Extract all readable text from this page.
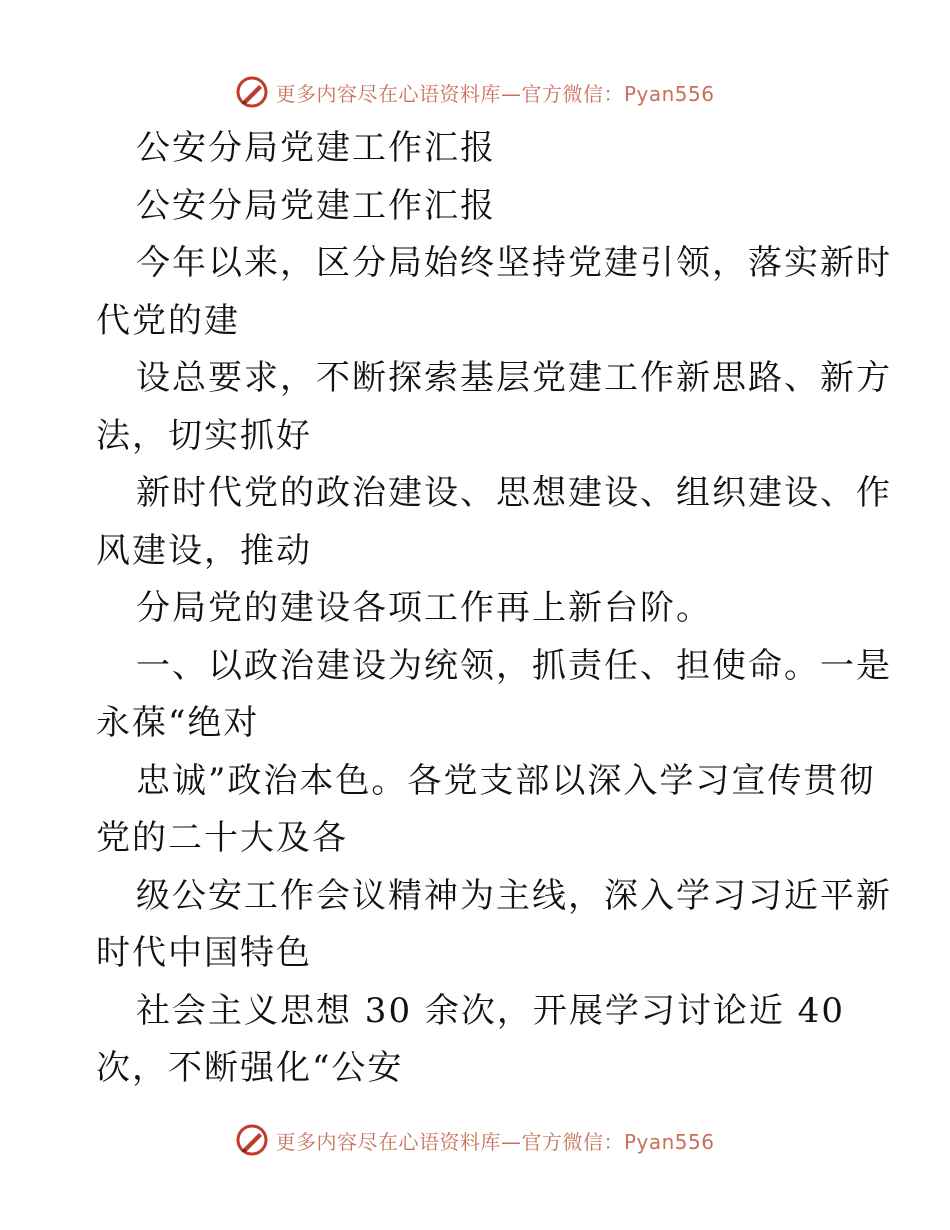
更多内容尽在心语资料库—官方微信：Pyan556
公安分局党建工作汇报
公安分局党建工作汇报
今年以来，区分局始终坚持党建引领，落实新时
代党的建
设总要求，不断探索基层党建工作新思路、新方
法，切实抓好
新时代党的政治建设、思想建设、组织建设、作
风建设，推动
分局党的建设各项工作再上新台阶。
一、以政治建设为统领，抓责任、担使命。一是
永葆“绝对
忠诚”政治本色。各党支部以深入学习宣传贯彻
党的二十大及各
级公安工作会议精神为主线，深入学习习近平新
时代中国特色
社会主义思想 30 余次，开展学习讨论近 40
次，不断强化“公安
更多内容尽在心语资料库—官方微信：Pyan556
